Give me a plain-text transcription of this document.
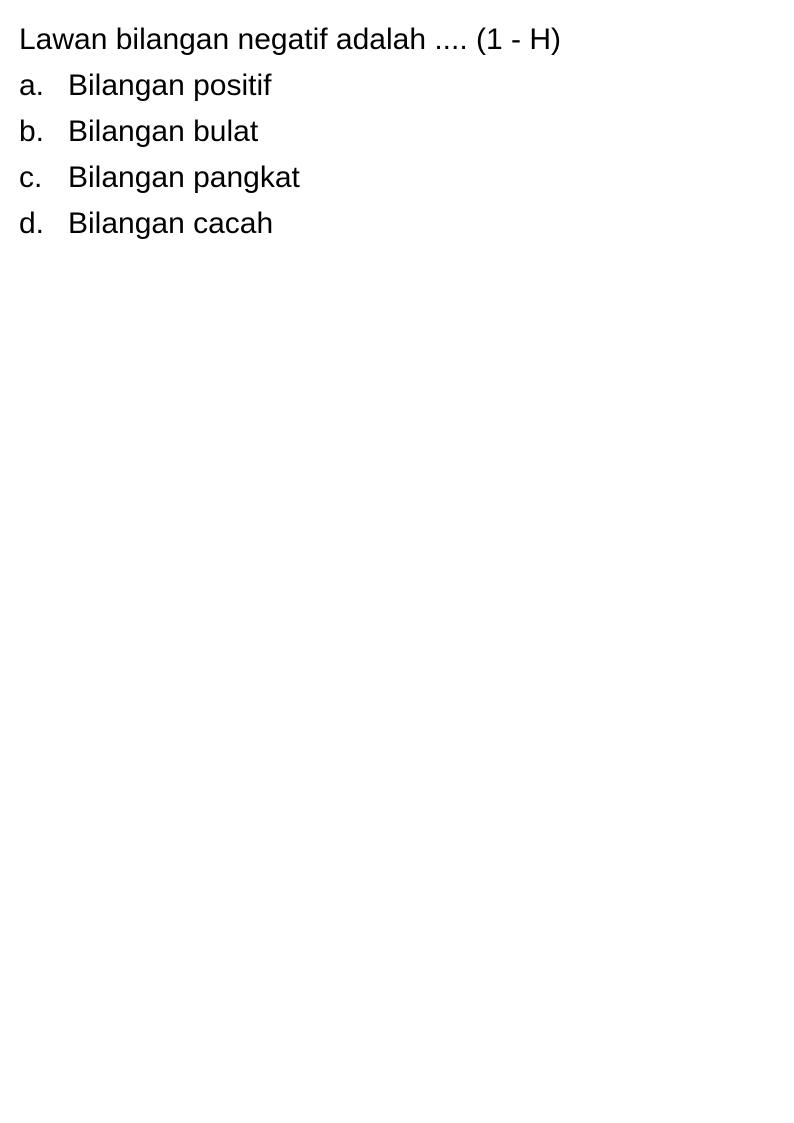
Lawan bilangan negatif adalah .... (1 - H)
a. Bilangan positif
b. Bilangan bulat
c. Bilangan pangkat
d. Bilangan cacah
